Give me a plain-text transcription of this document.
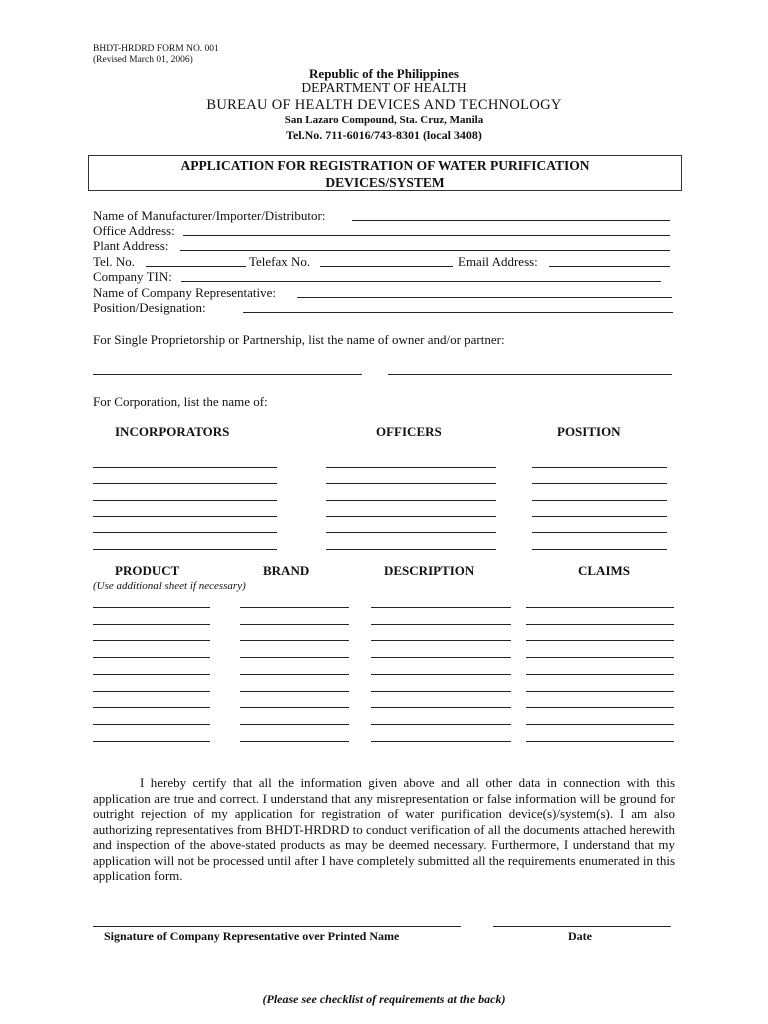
BHDT-HRDRD FORM NO. 001
(Revised March 01, 2006)
Republic of the Philippines
DEPARTMENT OF HEALTH
BUREAU OF HEALTH DEVICES AND TECHNOLOGY
San Lazaro Compound, Sta. Cruz, Manila
Tel.No. 711-6016/743-8301 (local 3408)
APPLICATION FOR REGISTRATION OF WATER PURIFICATION
DEVICES/SYSTEM
Name of Manufacturer/Importer/Distributor:
Office Address:
Plant Address:
Tel. No.	Telefax No.	Email Address:
Company TIN:
Name of Company Representative:
Position/Designation:
For Single Proprietorship or Partnership, list the name of owner and/or partner:
For Corporation, list the name of:
INCORPORATORS	OFFICERS	POSITION
PRODUCT	BRAND	DESCRIPTION	CLAIMS
(Use additional sheet if necessary)
I hereby certify that all the information given above and all other data in connection with this application are true and correct. I understand that any misrepresentation or false information will be ground for outright rejection of my application for registration of water purification device(s)/system(s). I am also authorizing representatives from BHDT-HRDRD to conduct verification of all the documents attached herewith and inspection of the above-stated products as may be deemed necessary. Furthermore, I understand that my application will not be processed until after I have completely submitted all the requirements enumerated in this application form.
Signature of Company Representative over Printed Name	Date
(Please see checklist of requirements at the back)
